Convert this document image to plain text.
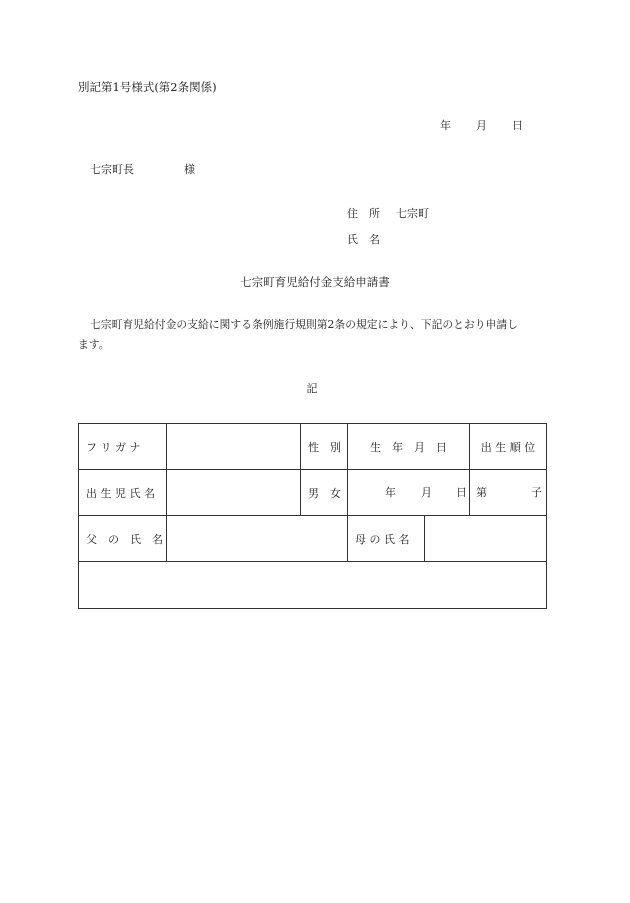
別記第1号様式(第2条関係)
年 月 日
七宗町長	様
住　所 七宗町
氏　名
七宗町育児給付金支給申請書
七宗町育児給付金の支給に関する条例施行規則第2条の規定により、下記のとおり申請し
ます。
記
フ リ ガ ナ		性　別	生　年　月　日	出 生 順 位
出 生 児 氏 名		男　女	年 月 日	第 子

父　の　氏　名			母 の 氏 名	
